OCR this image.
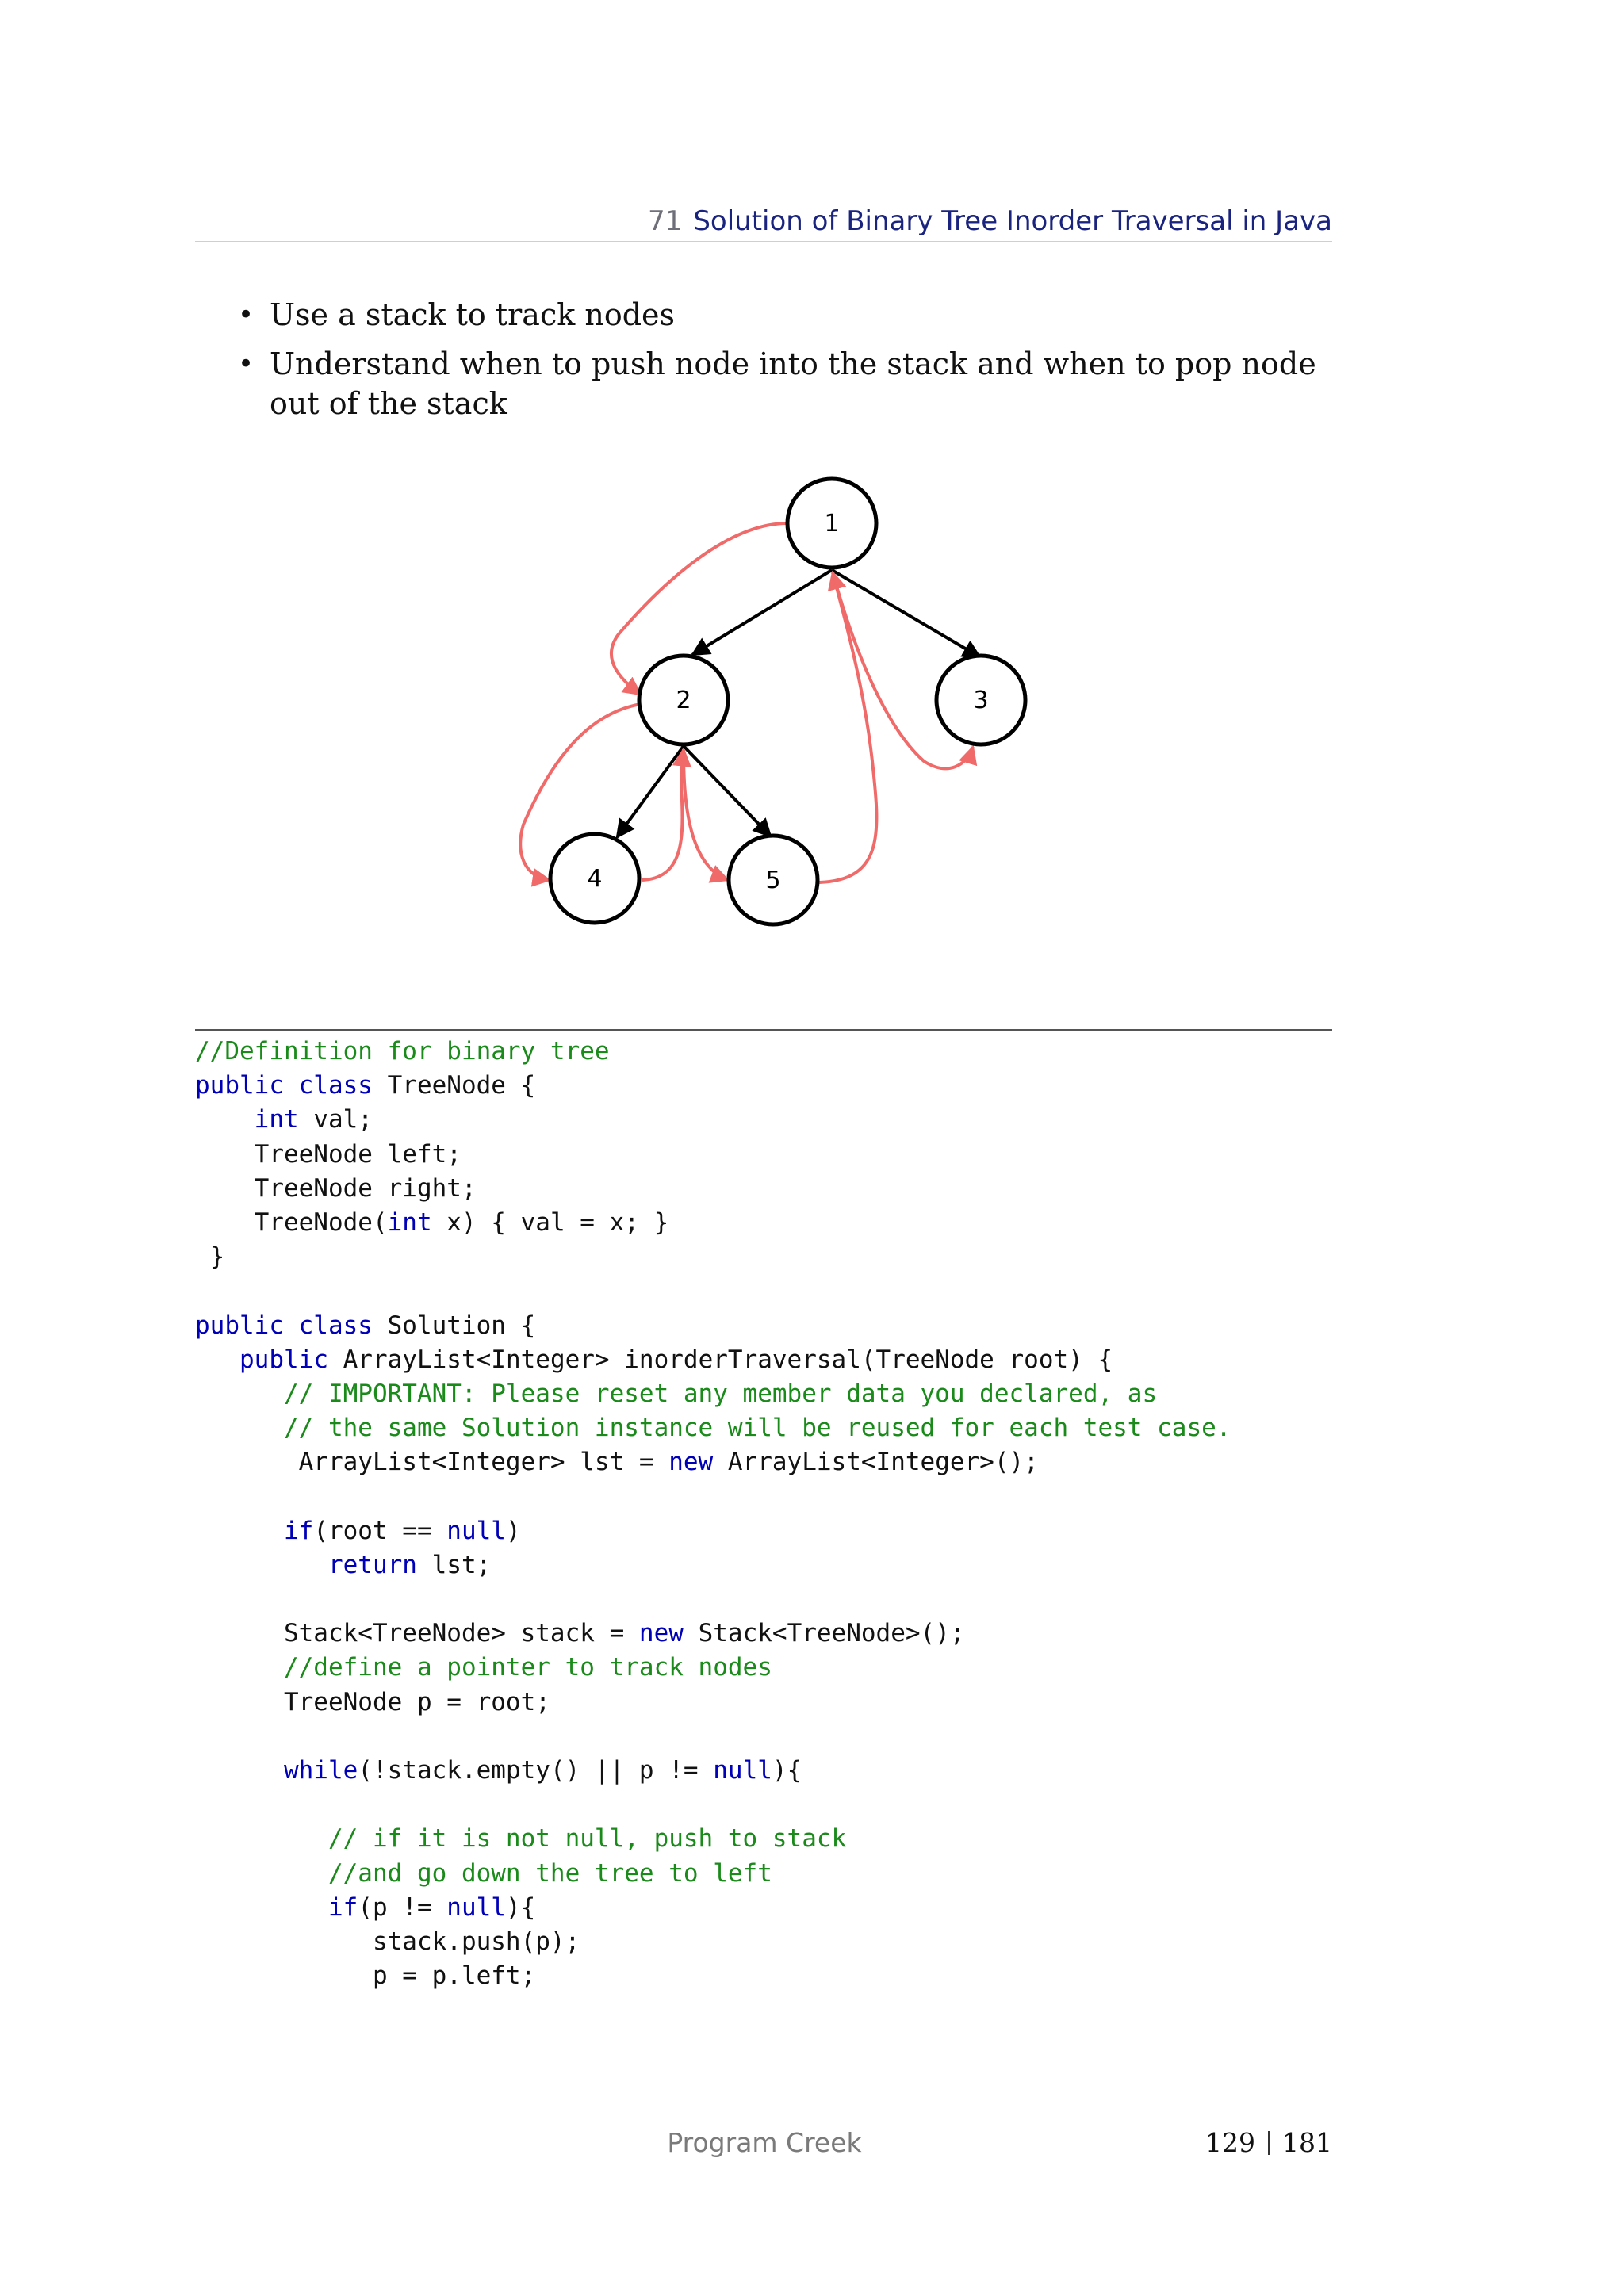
71 Solution of Binary Tree Inorder Traversal in Java
• Use a stack to track nodes
• Understand when to push node into the stack and when to pop node out of the stack
1
2	3
4	5
//Definition for binary tree
public class TreeNode {
int val;
TreeNode left;
TreeNode right;
TreeNode(int x) { val = x; }
}
public class Solution {
public ArrayList<Integer> inorderTraversal(TreeNode root) {
// IMPORTANT: Please reset any member data you declared, as
// the same Solution instance will be reused for each test case.
ArrayList<Integer> lst = new ArrayList<Integer>();
if(root == null)
return lst;
Stack<TreeNode> stack = new Stack<TreeNode>();
//define a pointer to track nodes
TreeNode p = root;
while(!stack.empty() || p != null){
// if it is not null, push to stack
//and go down the tree to left
if(p != null){
stack.push(p);
p = p.left;
Program Creek	129 181
